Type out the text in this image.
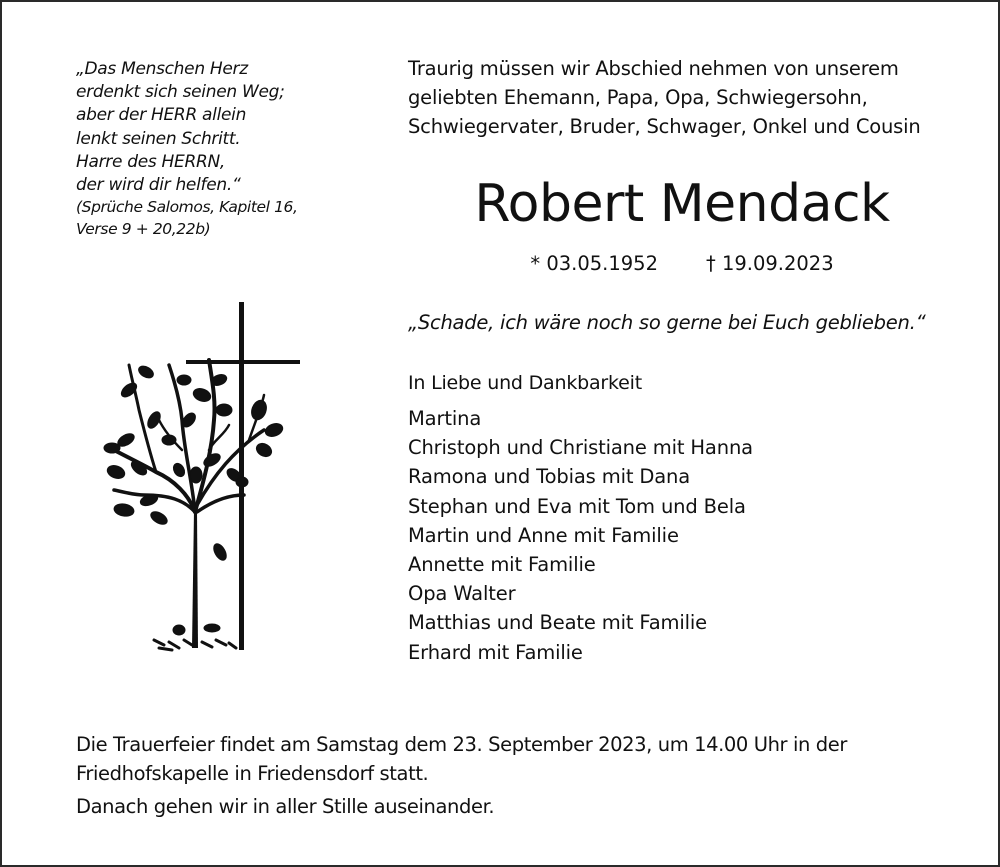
„Das Menschen Herz
erdenkt sich seinen Weg;
aber der HERR allein
lenkt seinen Schritt.
Harre des HERRN,
der wird dir helfen.“
(Sprüche Salomos, Kapitel 16,
Verse 9 + 20,22b)
Traurig müssen wir Abschied nehmen von unserem
geliebten Ehemann, Papa, Opa, Schwiegersohn,
Schwiegervater, Bruder, Schwager, Onkel und Cousin
Robert Mendack
* 03.05.1952 † 19.09.2023
„Schade, ich wäre noch so gerne bei Euch geblieben.“
In Liebe und Dankbarkeit
Martina
Christoph und Christiane mit Hanna
Ramona und Tobias mit Dana
Stephan und Eva mit Tom und Bela
Martin und Anne mit Familie
Annette mit Familie
Opa Walter
Matthias und Beate mit Familie
Erhard mit Familie
Die Trauerfeier findet am Samstag dem 23. September 2023, um 14.00 Uhr in der
Friedhofskapelle in Friedensdorf statt.
Danach gehen wir in aller Stille auseinander.
